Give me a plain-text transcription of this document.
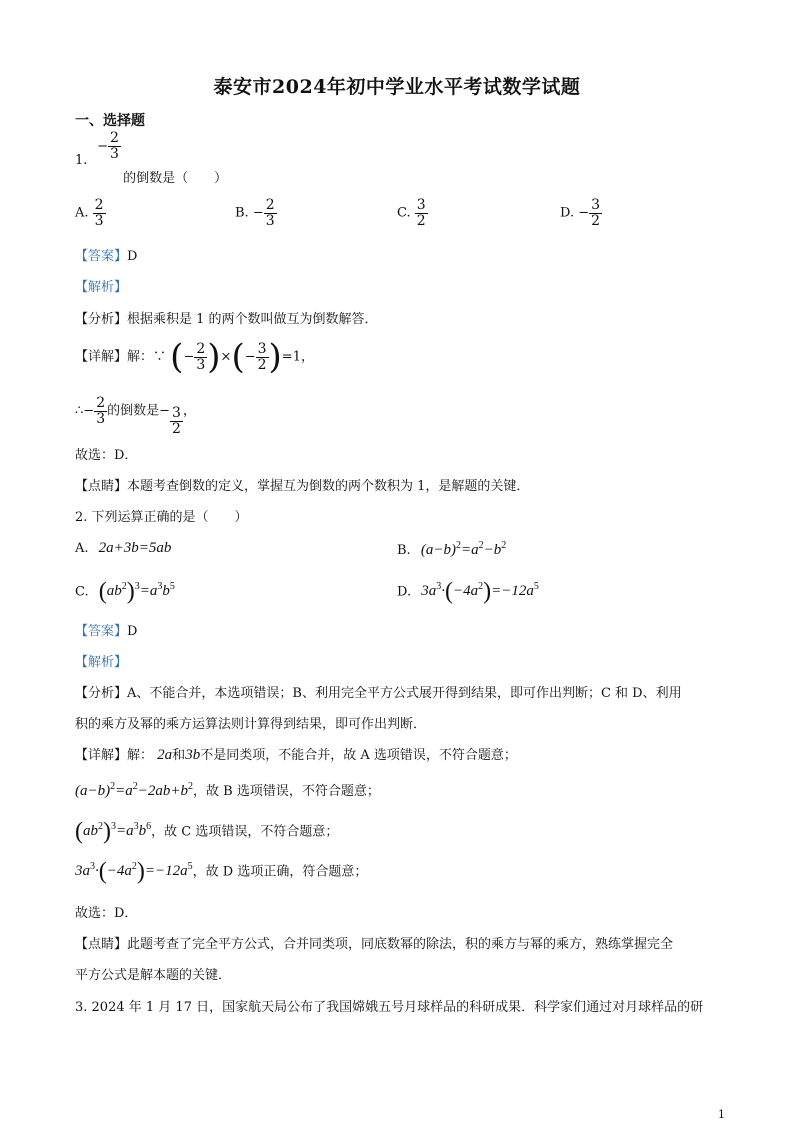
泰安市2024年初中学业水平考试数学试题
一、选择题
1. − $\frac{2}{3}$
的倒数是（　　）
A. $\frac{2}{3}$	B. − $\frac{2}{3}$	C. $\frac{3}{2}$	D. − $\frac{3}{2}$
【答案】D
【解析】
【分析】根据乘积是 1 的两个数叫做互为倒数解答．
【详解】解：∵ (− $\frac{2}{3}$ )×(− $\frac{3}{2} )=1$，
∴− $\frac{2}{3}$ 的倒数是− $\frac{3}{2}$ ，
故选：D．
【点睛】本题考查倒数的定义，掌握互为倒数的两个数积为 1，是解题的关键．
2. 下列运算正确的是（　　）
A. 2a+3b=5ab	B. $(a-b)^2=a^2-b^2$
C. $(ab^2)^3=a^3b^5$	D. $3a^3\cdot(-4a^2)=-12a^5$
【答案】D
【解析】
【分析】A、不能合并，本选项错误；B、利用完全平方公式展开得到结果，即可作出判断；C 和 D、利用
积的乘方及幂的乘方运算法则计算得到结果，即可作出判断．
【详解】解： 2a和3b不是同类项，不能合并，故 A 选项错误，不符合题意；
$(a-b)^2=a^2-2ab+b^2$，故 B 选项错误，不符合题意；
$(ab^2)^3=a^3b^6$，故 C 选项错误，不符合题意；
$3a^3\cdot(-4a^2)=-12a^5$，故 D 选项正确，符合题意；
故选：D．
【点睛】此题考查了完全平方公式，合并同类项，同底数幂的除法，积的乘方与幂的乘方，熟练掌握完全
平方公式是解本题的关键．
3. 2024 年 1 月 17 日，国家航天局公布了我国嫦娥五号月球样品的科研成果．科学家们通过对月球样品的研
1
